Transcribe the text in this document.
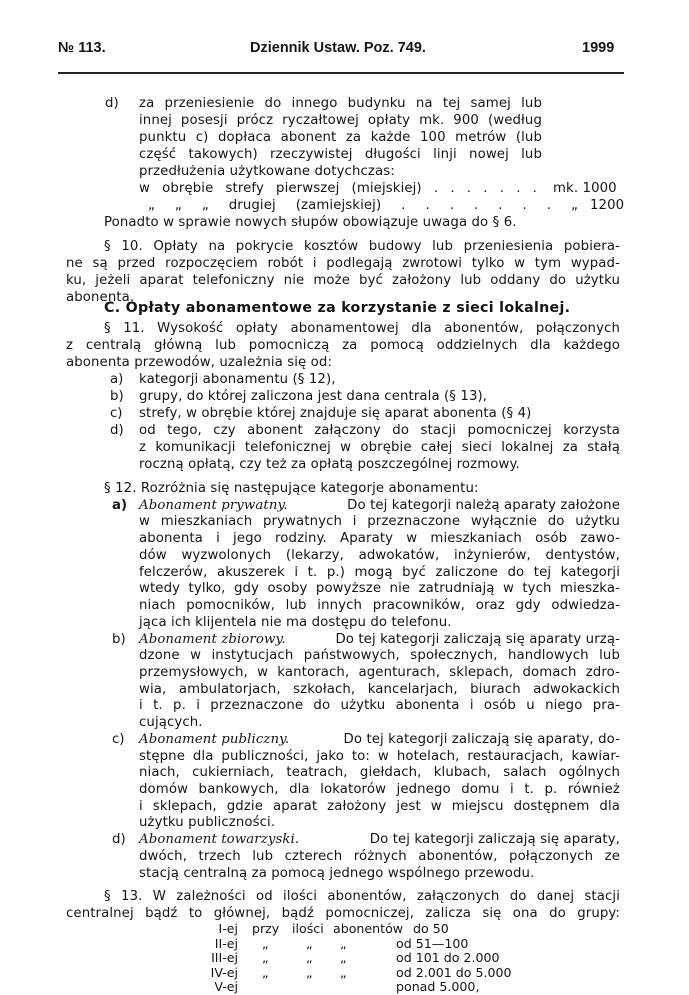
№ 113.	Dziennik Ustaw. Poz. 749.	1999
d) za przeniesienie do innego budynku na tej samej lub
innej posesji prócz ryczałtowej opłaty mk. 900 (według
punktu c) dopłaca abonent za każde 100 metrów (lub
część takowych) rzeczywistej długości linji nowej lub
przedłużenia użytkowane dotychczas:
w obrębie strefy pierwszej (miejskiej) . . . . . . . mk. 1000
„ „ „ drugiej (zamiejskiej) . . . . . . . „ 1200
Ponadto w sprawie nowych słupów obowiązuje uwaga do § 6.
§ 10. Opłaty na pokrycie kosztów budowy lub przeniesienia pobiera-
ne są przed rozpoczęciem robót i podlegają zwrotowi tylko w tym wypad-
ku, jeżeli aparat telefoniczny nie może być założony lub oddany do użytku
abonenta.
C. Opłaty abonamentowe za korzystanie z sieci lokalnej.
§ 11. Wysokość opłaty abonamentowej dla abonentów, połączonych
z centralą główną lub pomocniczą za pomocą oddzielnych dla każdego
abonenta przewodów, uzależnia się od:
a) kategorji abonamentu (§ 12),
b) grupy, do której zaliczona jest dana centrala (§ 13),
c) strefy, w obrębie której znajduje się aparat abonenta (§ 4)
d) od tego, czy abonent załączony do stacji pomocniczej korzysta
z komunikacji telefonicznej w obrębie całej sieci lokalnej za stałą
roczną opłatą, czy też za opłatą poszczególnej rozmowy.
§ 12. Rozróżnia się następujące kategorje abonamentu:
a) Abonament prywatny.	Do tej kategorji należą aparaty założone
w mieszkaniach prywatnych i przeznaczone wyłącznie do użytku
abonenta i jego rodziny. Aparaty w mieszkaniach osób zawo-
dów wyzwolonych (lekarzy, adwokatów, inżynierów, dentystów,
felczerów, akuszerek i t. p.) mogą być zaliczone do tej kategorji
wtedy tylko, gdy osoby powyższe nie zatrudniają w tych mieszka-
niach pomocników, lub innych pracowników, oraz gdy odwiedza-
jąca ich klijentela nie ma dostępu do telefonu.
b) Abonament zbiorowy.	Do tej kategorji zaliczają się aparaty urzą-
dzone w instytucjach państwowych, społecznych, handlowych lub
przemysłowych, w kantorach, agenturach, sklepach, domach zdro-
wia, ambulatorjach, szkołach, kancelarjach, biurach adwokackich
i t. p. i przeznaczone do użytku abonenta i osób u niego pra-
cujących.
c) Abonament publiczny.	Do tej kategorji zaliczają się aparaty, do-
stępne dla publiczności, jako to: w hotelach, restauracjach, kawiar-
niach, cukierniach, teatrach, giełdach, klubach, salach ogólnych
domów bankowych, dla lokatorów jednego domu i t. p. również
i sklepach, gdzie aparat założony jest w miejscu dostępnem dla
użytku publiczności.
d) Abonament towarzyski.	Do tej kategorji zaliczają się aparaty,
dwóch, trzech lub czterech różnych abonentów, połączonych ze
stacją centralną za pomocą jednego wspólnego przewodu.
§ 13. W zależności od ilości abonentów, załączonych do danej stacji
centralnej bądź to głównej, bądź pomocniczej, zalicza się ona do grupy:
I-ej przy ilości abonentów do 50
II-ej „	„ „	od 51—100
III-ej „	„ „	od 101 do 2.000
IV-ej „	„ „	od 2.001 do 5.000
V-ej	ponad 5.000,
